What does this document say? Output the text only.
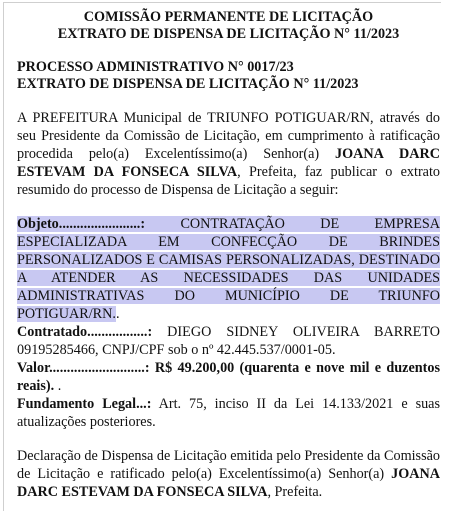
COMISSÃO PERMANENTE DE LICITAÇÃO
EXTRATO DE DISPENSA DE LICITAÇÃO N° 11/2023
PROCESSO ADMINISTRATIVO N° 0017/23
EXTRATO DE DISPENSA DE LICITAÇÃO N° 11/2023
A PREFEITURA Municipal de TRIUNFO POTIGUAR/RN, através do seu Presidente da Comissão de Licitação, em cumprimento à ratificação procedida pelo(a) Excelentíssimo(a) Senhor(a) JOANA DARC ESTEVAM DA FONSECA SILVA, Prefeita, faz publicar o extrato resumido do processo de Dispensa de Licitação a seguir:
Objeto.......................: CONTRATAÇÃO DE EMPRESA ESPECIALIZADA EM CONFECÇÃO DE BRINDES PERSONALIZADOS E CAMISAS PERSONALIZADAS, DESTINADO A ATENDER AS NECESSIDADES DAS UNIDADES ADMINISTRATIVAS DO MUNICÍPIO DE TRIUNFO POTIGUAR/RN..
Contratado.................: DIEGO SIDNEY OLIVEIRA BARRETO 09195285466, CNPJ/CPF sob o nº 42.445.537/0001-05.
Valor...........................: R$ 49.200,00 (quarenta e nove mil e duzentos reais). .
Fundamento Legal...: Art. 75, inciso II da Lei 14.133/2021 e suas atualizações posteriores.
Declaração de Dispensa de Licitação emitida pelo Presidente da Comissão de Licitação e ratificado pelo(a) Excelentíssimo(a) Senhor(a) JOANA DARC ESTEVAM DA FONSECA SILVA, Prefeita.
